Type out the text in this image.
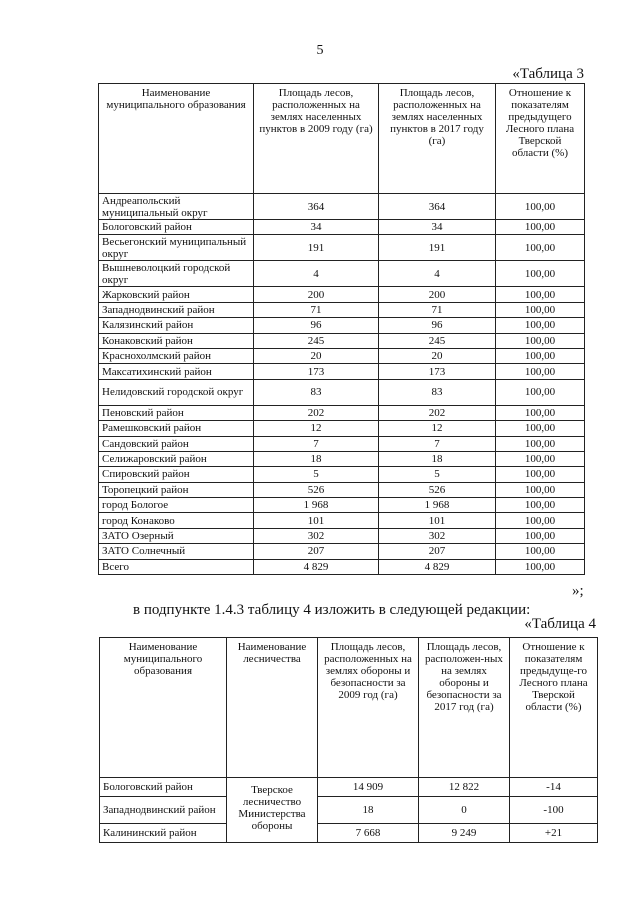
5
«Таблица 3
Наименование муниципального образования	Площадь лесов, расположенных на землях населенных пунктов в 2009 году (га)	Площадь лесов, расположенных на землях населенных пунктов в 2017 году (га)	Отношение к показателям предыдущего Лесного плана Тверской области (%)
Андреапольский муниципальный округ	364	364	100,00
Бологовский район	34	34	100,00
Весьегонский муниципальный округ	191	191	100,00
Вышневолоцкий городской округ	4	4	100,00
Жарковский район	200	200	100,00
Западнодвинский район	71	71	100,00
Калязинский район	96	96	100,00
Конаковский район	245	245	100,00
Краснохолмский район	20	20	100,00
Максатихинский район	173	173	100,00
Нелидовский городской округ	83	83	100,00
Пеновский район	202	202	100,00
Рамешковский район	12	12	100,00
Сандовский район	7	7	100,00
Селижаровский район	18	18	100,00
Спировский район	5	5	100,00
Торопецкий район	526	526	100,00
город Бологое	1 968	1 968	100,00
город Конаково	101	101	100,00
ЗАТО Озерный	302	302	100,00
ЗАТО Солнечный	207	207	100,00
Всего	4 829	4 829	100,00
»;
в подпункте 1.4.3 таблицу 4 изложить в следующей редакции:
«Таблица 4
Наименование муниципального образования	Наименование лесничества	Площадь лесов, расположенных на землях обороны и безопасности за 2009 год (га)	Площадь лесов, расположен-ных на землях обороны и безопасности за 2017 год (га)	Отношение к показателям предыдуще-го Лесного плана Тверской области (%)
Бологовский район	Тверское лесничество Министерства обороны	14 909	12 822	-14
Западнодвинский район		18	0	-100
Калининский район		7 668	9 249	+21
